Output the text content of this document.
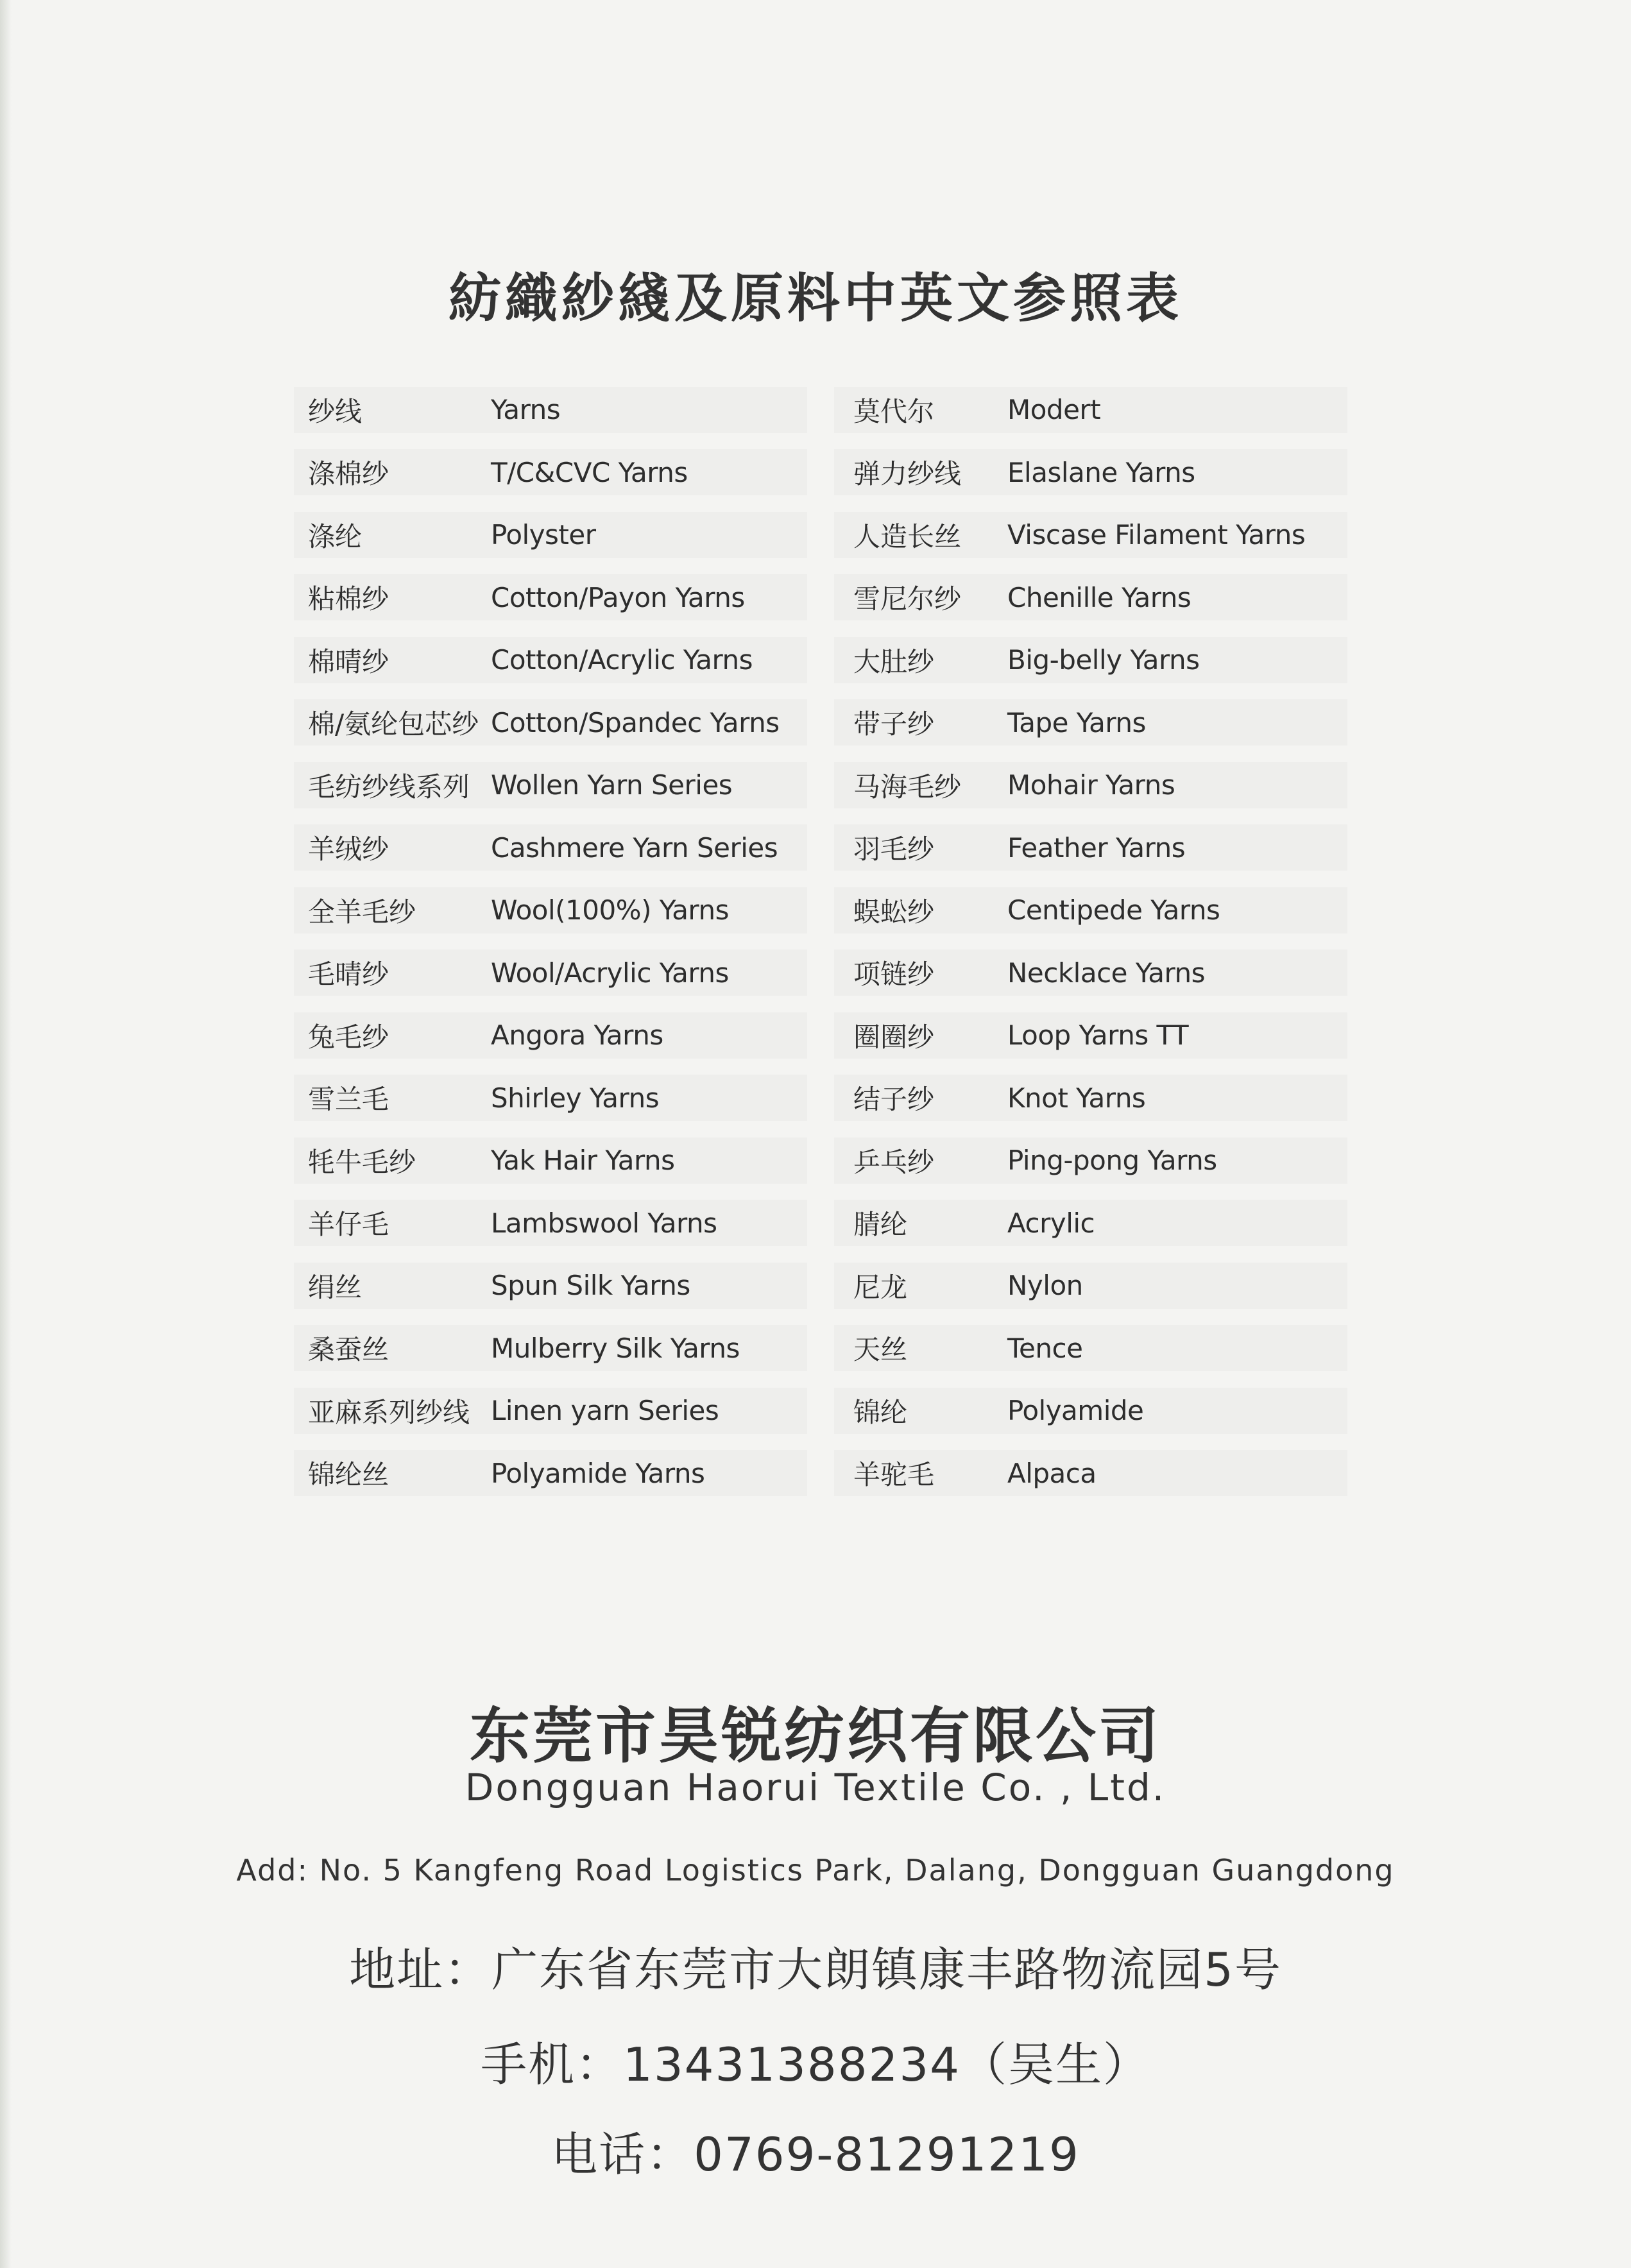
紡織紗綫及原料中英文参照表
纱线	Yarns
涤棉纱	T/C&CVC Yarns
涤纶	Polyster
粘棉纱	Cotton/Payon Yarns
棉晴纱	Cotton/Acrylic Yarns
棉/氨纶包芯纱 Cotton/Spandec Yarns
毛纺纱线系列 Wollen Yarn Series
羊绒纱	Cashmere Yarn Series
全羊毛纱	Wool(100%) Yarns
毛晴纱	Wool/Acrylic Yarns
兔毛纱	Angora Yarns
雪兰毛	Shirley Yarns
牦牛毛纱	Yak Hair Yarns
羊仔毛	Lambswool Yarns
绢丝	Spun Silk Yarns
桑蚕丝	Mulberry Silk Yarns
亚麻系列纱线 Linen yarn Series
锦纶丝	Polyamide Yarns
莫代尔	Modert
弹力纱线	Elaslane Yarns
人造长丝	Viscase Filament Yarns
雪尼尔纱	Chenille Yarns
大肚纱	Big-belly Yarns
带子纱	Tape Yarns
马海毛纱	Mohair Yarns
羽毛纱	Feather Yarns
蜈蚣纱	Centipede Yarns
项链纱	Necklace Yarns
圈圈纱	Loop Yarns TT
结子纱	Knot Yarns
乒乓纱	Ping-pong Yarns
腈纶	Acrylic
尼龙	Nylon
天丝	Tence
锦纶	Polyamide
羊驼毛	Alpaca
东莞市昊锐纺织有限公司
Dongguan Haorui Textile Co. , Ltd.
Add: No. 5 Kangfeng Road Logistics Park, Dalang, Dongguan Guangdong
地址：广东省东莞市大朗镇康丰路物流园5号
手机：13431388234（吴生）
电话：0769-81291219
